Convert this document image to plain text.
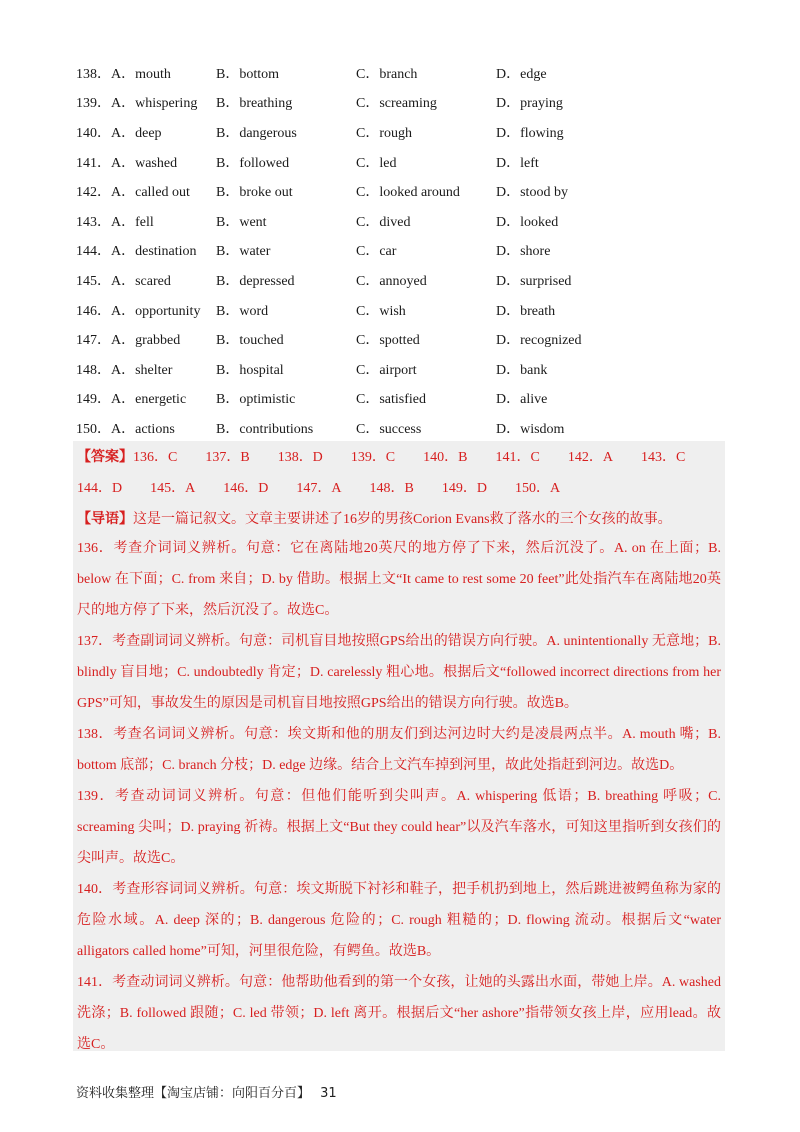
138．A．mouth	B．bottom	C．branch	D．edge
139．A．whispering	B．breathing	C．screaming	D．praying
140．A．deep	B．dangerous	C．rough	D．flowing
141．A．washed	B．followed	C．led	D．left
142．A．called out	B．broke out	C．looked around	D．stood by
143．A．fell	B．went	C．dived	D．looked
144．A．destination	B．water	C．car	D．shore
145．A．scared	B．depressed	C．annoyed	D．surprised
146．A．opportunity	B．word	C．wish	D．breath
147．A．grabbed	B．touched	C．spotted	D．recognized
148．A．shelter	B．hospital	C．airport	D．bank
149．A．energetic	B．optimistic	C．satisfied	D．alive
150．A．actions	B．contributions	C．success	D．wisdom
【答案】136．C 137．B 138．D 139．C 140．B 141．C 142．A 143．C
144．D 145．A 146．D 147．A 148．B 149．D 150．A
【导语】这是一篇记叙文。文章主要讲述了16岁的男孩Corion Evans救了落水的三个女孩的故事。

136．考查介词词义辨析。句意：它在离陆地20英尺的地方停了下来，然后沉没了。A. on 在上面；B. below 在下面；C. from 来自；D. by 借助。根据上文“It came to rest some 20 feet”此处指汽车在离陆地20英尺的地方停了下来，然后沉没了。故选C。

137．考查副词词义辨析。句意：司机盲目地按照GPS给出的错误方向行驶。A. unintentionally 无意地；B. blindly 盲目地；C. undoubtedly 肯定；D. carelessly 粗心地。根据后文“followed incorrect directions from her GPS”可知，事故发生的原因是司机盲目地按照GPS给出的错误方向行驶。故选B。

138．考查名词词义辨析。句意：埃文斯和他的朋友们到达河边时大约是凌晨两点半。A. mouth 嘴；B. bottom 底部；C. branch 分枝；D. edge 边缘。结合上文汽车掉到河里，故此处指赶到河边。故选D。

139．考查动词词义辨析。句意：但他们能听到尖叫声。A. whispering 低语；B. breathing 呼吸；C. screaming 尖叫；D. praying 祈祷。根据上文“But they could hear”以及汽车落水，可知这里指听到女孩们的尖叫声。故选C。

140．考查形容词词义辨析。句意：埃文斯脱下衬衫和鞋子，把手机扔到地上，然后跳进被鳄鱼称为家的危险水域。A. deep 深的；B. dangerous 危险的；C. rough 粗糙的；D. flowing 流动。根据后文“water alligators called home”可知，河里很危险，有鳄鱼。故选B。

141．考查动词词义辨析。句意：他帮助他看到的第一个女孩，让她的头露出水面，带她上岸。A. washed 洗涤；B. followed 跟随；C. led 带领；D. left 离开。根据后文“her ashore”指带领女孩上岸，应用lead。故选C。

资料收集整理【淘宝店铺：向阳百分百】 31
